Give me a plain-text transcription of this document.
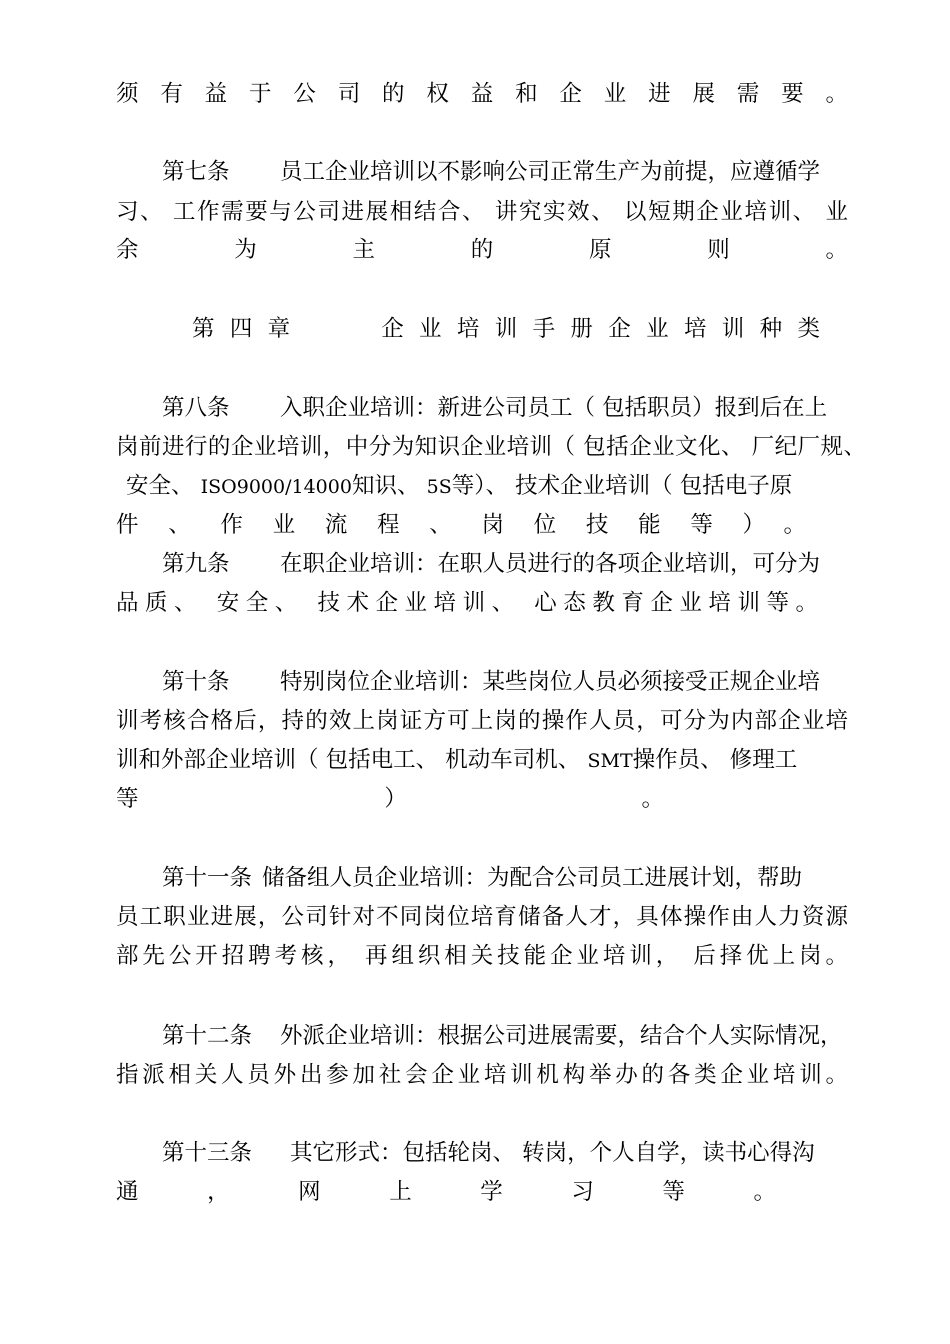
须有益于公司的权益和企业进展需要。
第七条 员工企业培训以不影响公司正常生产为前提，应遵循学
习、 工作需要与公司进展相结合、 讲究实效、 以短期企业培训、 业
余为主的原则。
第四章　　企业培训手册企业培训种类
第八条 入职企业培训：新进公司员工（ 包括职员）报到后在上
岗前进行的企业培训，中分为知识企业培训（ 包括企业文化、 厂纪厂规、
安全、 ISO9000/14000知识、 5S等）、 技术企业培训（ 包括电子原
件、作业流程、岗位技能等）。
第九条 在职企业培训：在职人员进行的各项企业培训，可分为
品质、 安全、 技术企业培训、 心态教育企业培训等。
第十条 特别岗位企业培训：某些岗位人员必须接受正规企业培
训考核合格后，持的效上岗证方可上岗的操作人员，可分为内部企业培
训和外部企业培训（ 包括电工、 机动车司机、 SMT操作员、 修理工
等）。
第十一条 储备组人员企业培训：为配合公司员工进展计划，帮助
员工职业进展，公司针对不同岗位培育储备人才，具体操作由人力资源
部先公开招聘考核， 再组织相关技能企业培训， 后择优上岗。
第十二条 外派企业培训：根据公司进展需要，结合个人实际情况，
指派相关人员外出参加社会企业培训机构举办的各类企业培训。
第十三条 其它形式：包括轮岗、 转岗，个人自学，读书心得沟
通，网上学习等。
